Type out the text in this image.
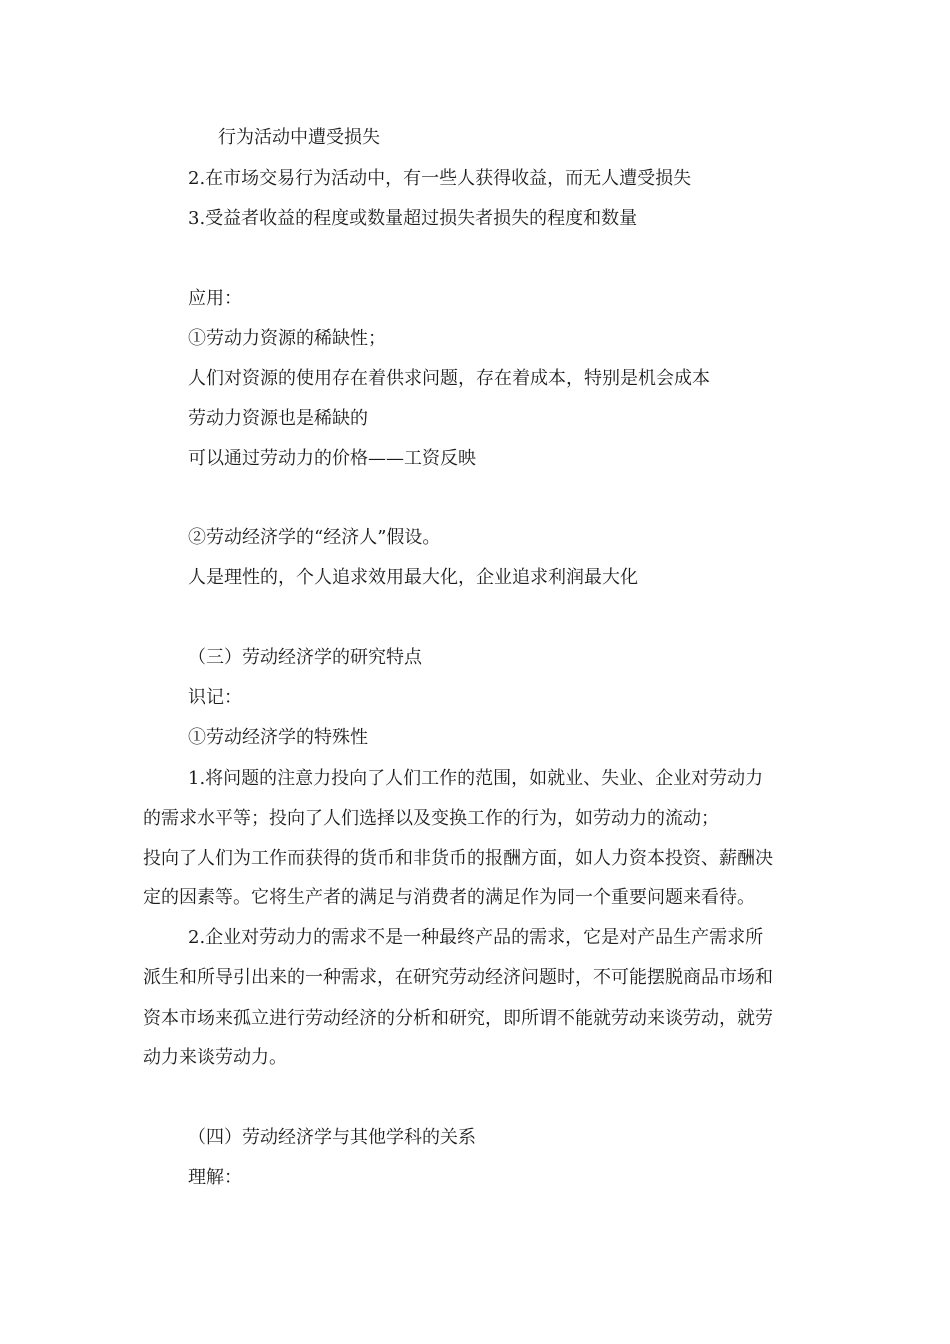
行为活动中遭受损失
2.在市场交易行为活动中，有一些人获得收益，而无人遭受损失
3.受益者收益的程度或数量超过损失者损失的程度和数量
应用：
①劳动力资源的稀缺性；
人们对资源的使用存在着供求问题，存在着成本，特别是机会成本
劳动力资源也是稀缺的
可以通过劳动力的价格——工资反映
②劳动经济学的“经济人”假设。
人是理性的，个人追求效用最大化，企业追求利润最大化
（三）劳动经济学的研究特点
识记：
①劳动经济学的特殊性
1.将问题的注意力投向了人们工作的范围，如就业、失业、企业对劳动力
的需求水平等；投向了人们选择以及变换工作的行为，如劳动力的流动；
投向了人们为工作而获得的货币和非货币的报酬方面，如人力资本投资、薪酬决
定的因素等。它将生产者的满足与消费者的满足作为同一个重要问题来看待。
2.企业对劳动力的需求不是一种最终产品的需求，它是对产品生产需求所
派生和所导引出来的一种需求，在研究劳动经济问题时，不可能摆脱商品市场和
资本市场来孤立进行劳动经济的分析和研究，即所谓不能就劳动来谈劳动，就劳
动力来谈劳动力。
（四）劳动经济学与其他学科的关系
理解：
